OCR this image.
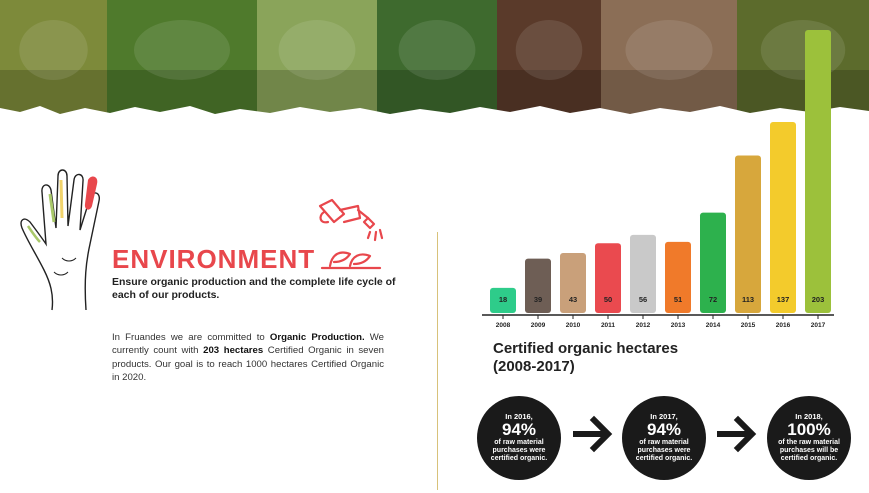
ENVIRONMENT

Ensure organic production and the complete life cycle of each of our products.

In Fruandes we are committed to Organic Production. We currently count with 203 hectares Certified Organic in seven products. Our goal is to reach 1000 hectares Certified Organic in 2020.

18
2008
39
2009
43
2010
50
2011
56
2012
51
2013
72
2014
113
2015
137
2016
203
2017

Certified organic hectares
(2008-2017)

In 2016,
94%
of raw material purchases were certified organic.
In 2017,
94%
of raw material purchases were certified organic.
In 2018,
100%
of the raw material purchases will be certified organic.
